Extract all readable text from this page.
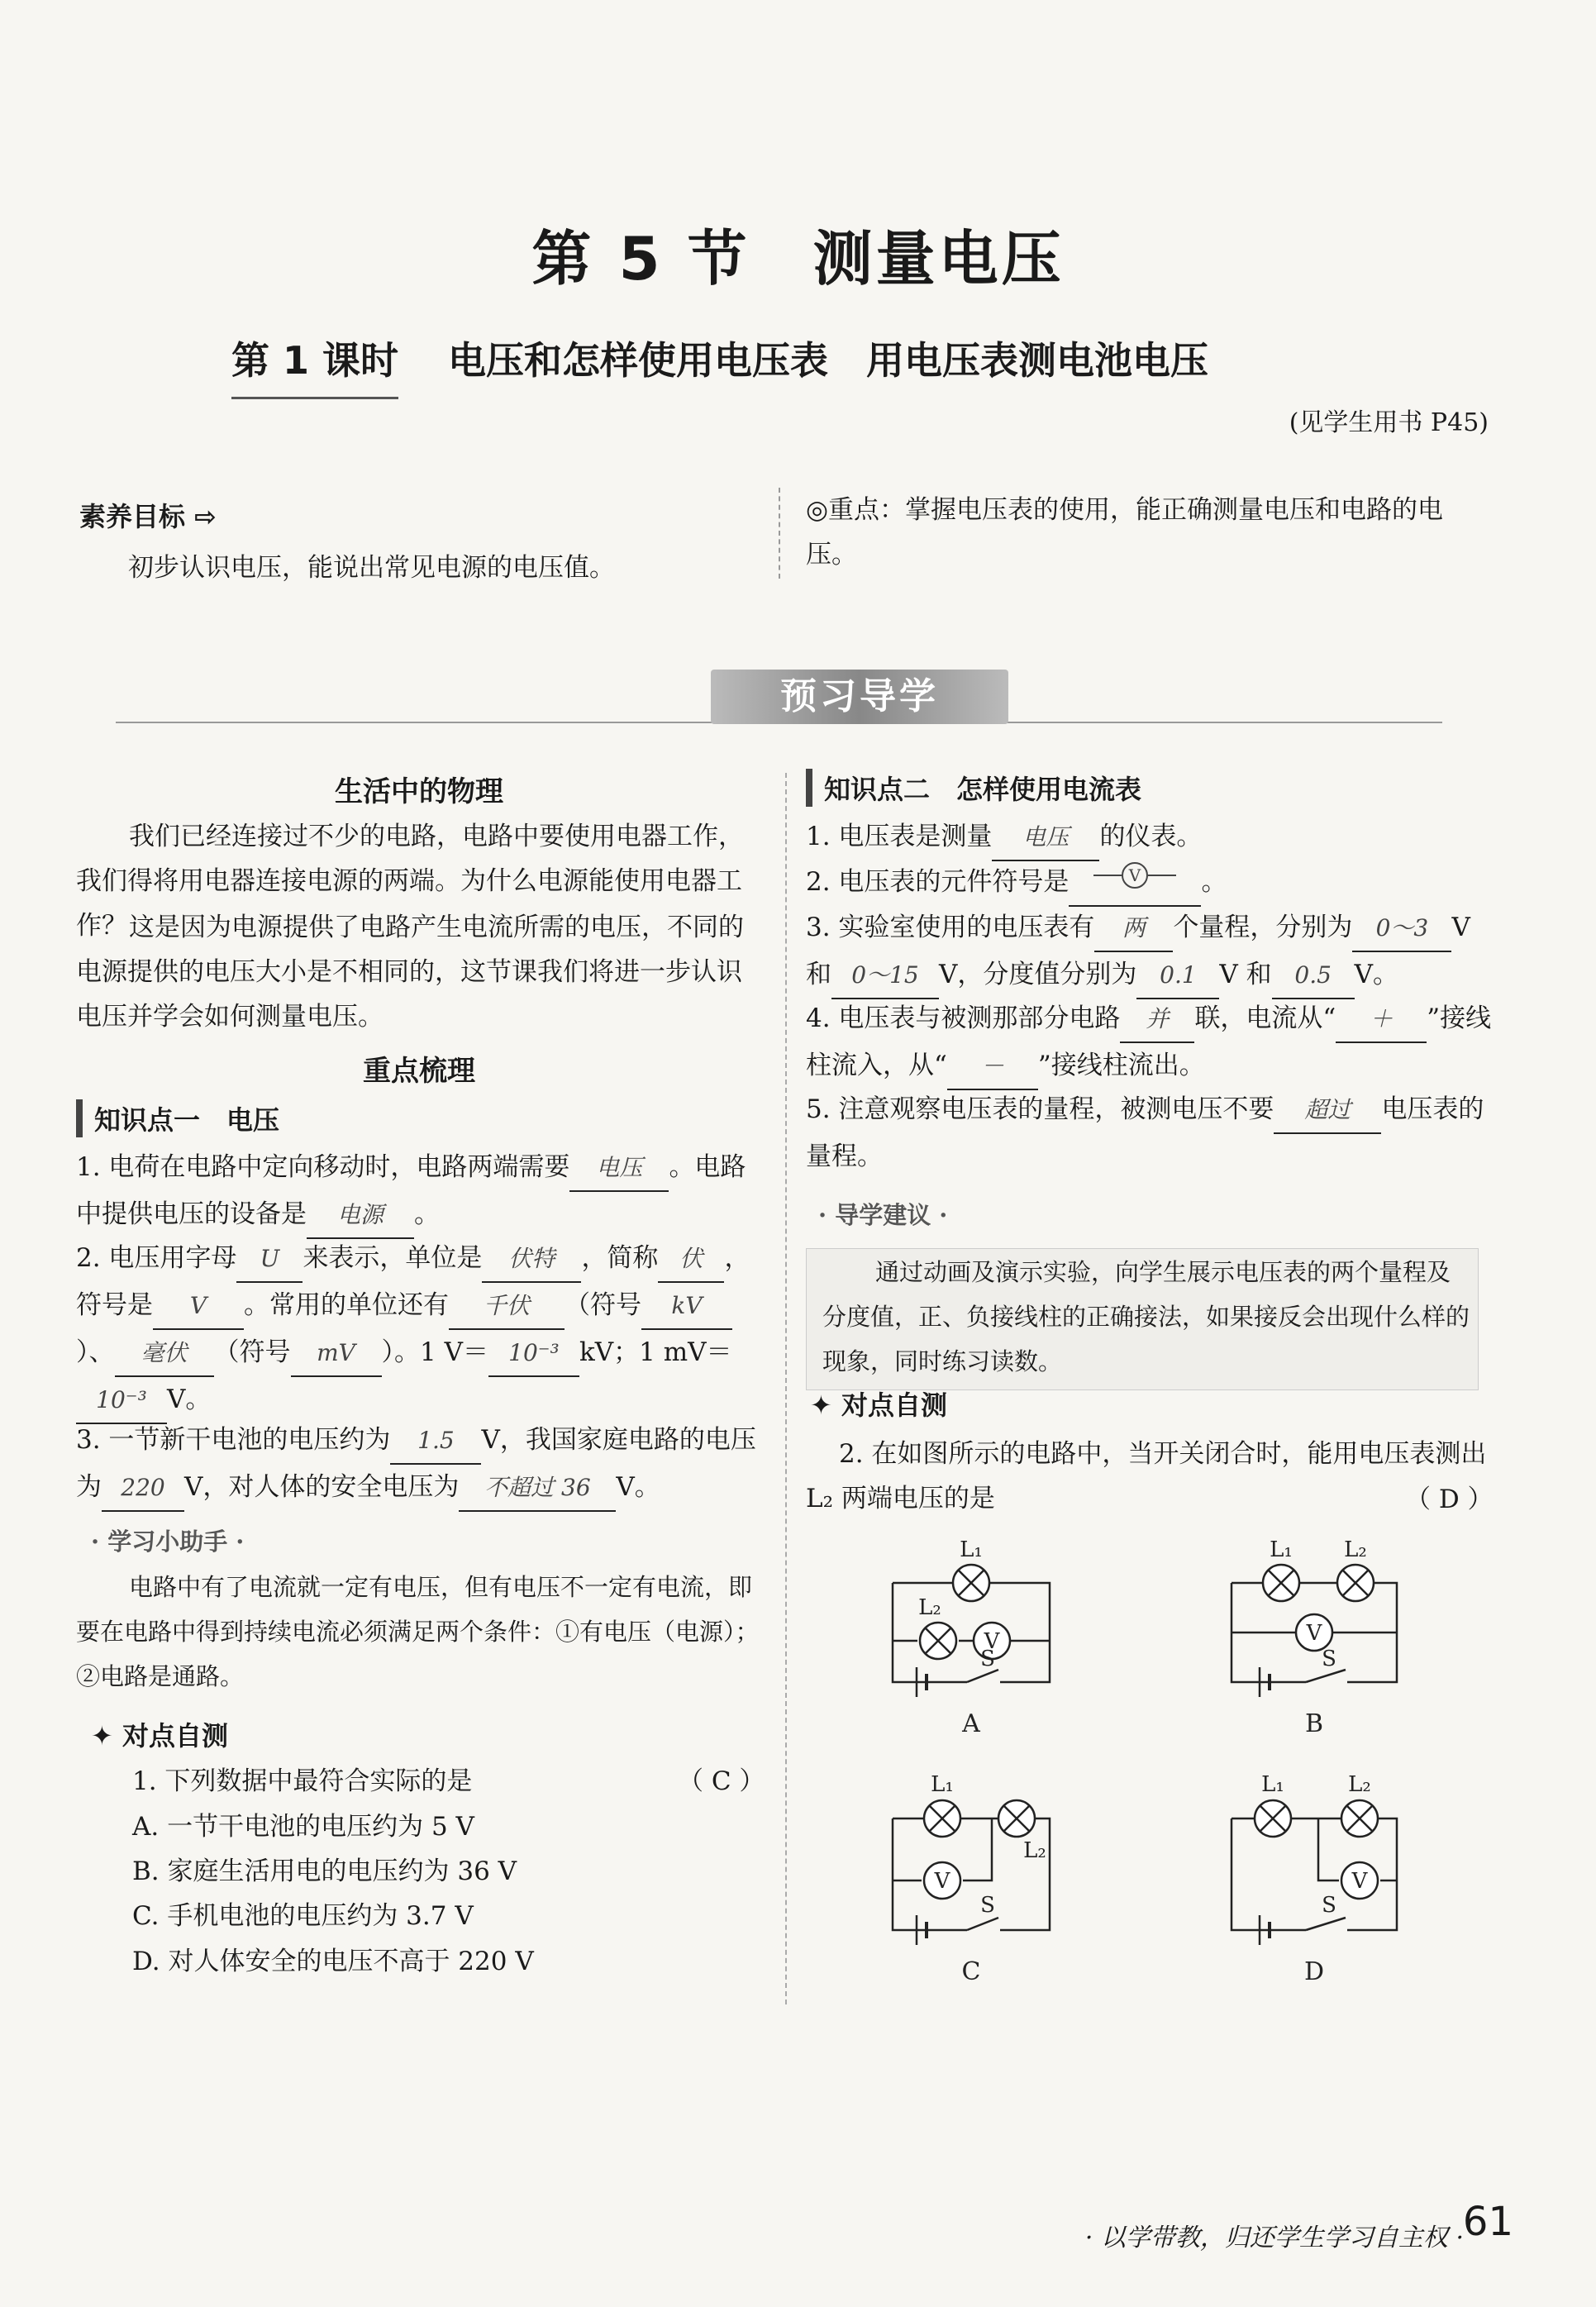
第 5 节　测量电压
第 1 课时 电压和怎样使用电压表　用电压表测电池电压
(见学生用书 P45)
素养目标 ⇨
初步认识电压，能说出常见电源的电压值。
◎重点：掌握电压表的使用，能正确测量电压和电路的电压。
预习导学
生活中的物理
我们已经连接过不少的电路，电路中要使用电器工作，我们得将用电器连接电源的两端。为什么电源能使用电器工作？ 这是因为电源提供了电路产生电流所需的电压，不同的电源提供的电压大小是不相同的，这节课我们将进一步认识电压并学会如何测量电压。
重点梳理
知识点一　电压
1. 电荷在电路中定向移动时，电路两端需要 电压 。电路中提供电压的设备是 电源 。
2. 电压用字母 U 来表示，单位是 伏特 ，简称 伏 ，符号是 V 。常用的单位还有 千伏 （符号 kV）、 毫伏 （符号 mV ）。1 V＝ 10⁻³ kV；1 mV＝10⁻³ V。
3. 一节新干电池的电压约为 1.5 V，我国家庭电路的电压为 220 V，对人体的安全电压为 不超过 36 V。
· 学习小助手 ·
电路中有了电流就一定有电压，但有电压不一定有电流，即要在电路中得到持续电流必须满足两个条件：①有电压（电源）；②电路是通路。
✦ 对点自测
1. 下列数据中最符合实际的是	（ C ）
A. 一节干电池的电压约为 5 V
B. 家庭生活用电的电压约为 36 V
C. 手机电池的电压约为 3.7 V
D. 对人体安全的电压不高于 220 V
知识点二　怎样使用电流表
1. 电压表是测量 电压 的仪表。
2. 电压表的元件符号是	V 。
3. 实验室使用的电压表有 两 个量程，分别为 0～3 V 和 0～15 V，分度值分别为 0.1 V 和 0.5 V。
4. 电压表与被测那部分电路 并 联，电流从“ ＋ ”接线柱流入，从“ － ”接线柱流出。
5. 注意观察电压表的量程，被测电压不要 超过 电压表的量程。
· 导学建议 ·
通过动画及演示实验，向学生展示电压表的两个量程及分度值，正、负接线柱的正确接法，如果接反会出现什么样的现象，同时练习读数。
✦ 对点自测
2. 在如图所示的电路中，当开关闭合时，能用电压表测出 L₂ 两端电压的是	（ D ）
V	V
V	V
L₁
L₂
L₁ L₂
L₁
L₂
L₁	L₂
S	S
S	S
A	B
C	D
· 以学带教，归还学生学习自主权 ·
61
